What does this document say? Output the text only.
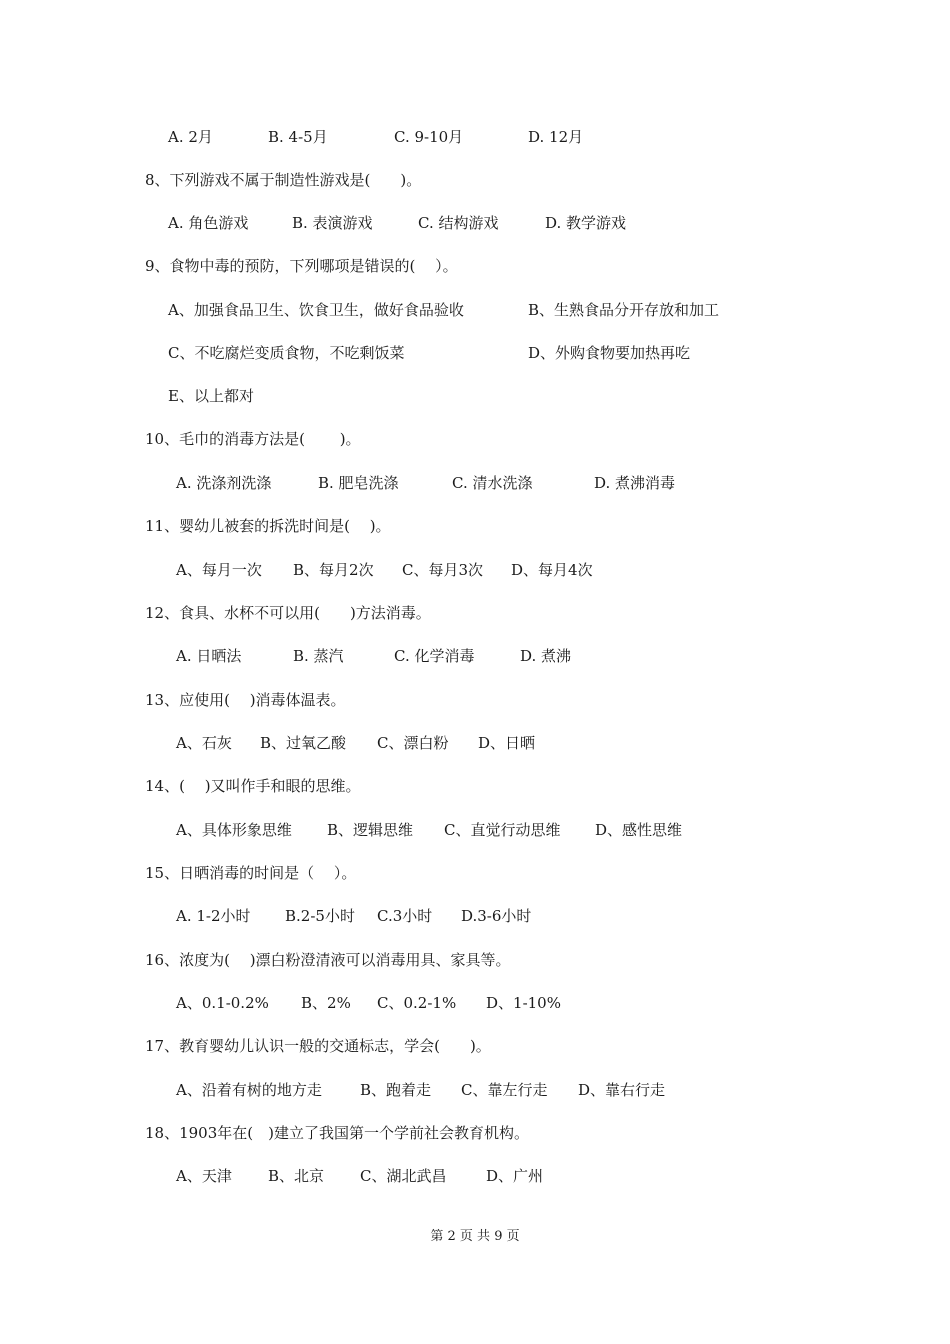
A. 2月	B. 4-5月	C. 9-10月	D. 12月
8、下列游戏不属于制造性游戏是(　　)。
A. 角色游戏	B. 表演游戏	C. 结构游戏	D. 教学游戏
9、食物中毒的预防，下列哪项是错误的(　 ）。
A、加强食品卫生、饮食卫生，做好食品验收	B、生熟食品分开存放和加工
C、不吃腐烂变质食物，不吃剩饭菜	D、外购食物要加热再吃
E、以上都对
10、毛巾的消毒方法是(　　 )。
A. 洗涤剂洗涤	B. 肥皂洗涤	C. 清水洗涤	D. 煮沸消毒
11、婴幼儿被套的拆洗时间是(　 )。
A、每月一次 B、每月2次 C、每月3次 D、每月4次
12、食具、水杯不可以用(　　)方法消毒。
A. 日晒法	B. 蒸汽	C. 化学消毒	D. 煮沸
13、应使用(　 )消毒体温表。
A、石灰 B、过氧乙酸 C、漂白粉 D、日晒
14、(　 )又叫作手和眼的思维。
A、具体形象思维 B、逻辑思维 C、直觉行动思维 D、感性思维
15、日晒消毒的时间是（　 ）。
A. 1-2小时 B.2-5小时 C.3小时 D.3-6小时
16、浓度为(　 )漂白粉澄清液可以消毒用具、家具等。
A、0.1-0.2% B、2% C、0.2-1% D、1-10%
17、教育婴幼儿认识一般的交通标志，学会(　　)。
A、沿着有树的地方走	B、跑着走 C、靠左行走 D、靠右行走
18、1903年在(　)建立了我国第一个学前社会教育机构。
A、天津 B、北京 C、湖北武昌	D、广州
第 2 页 共 9 页
